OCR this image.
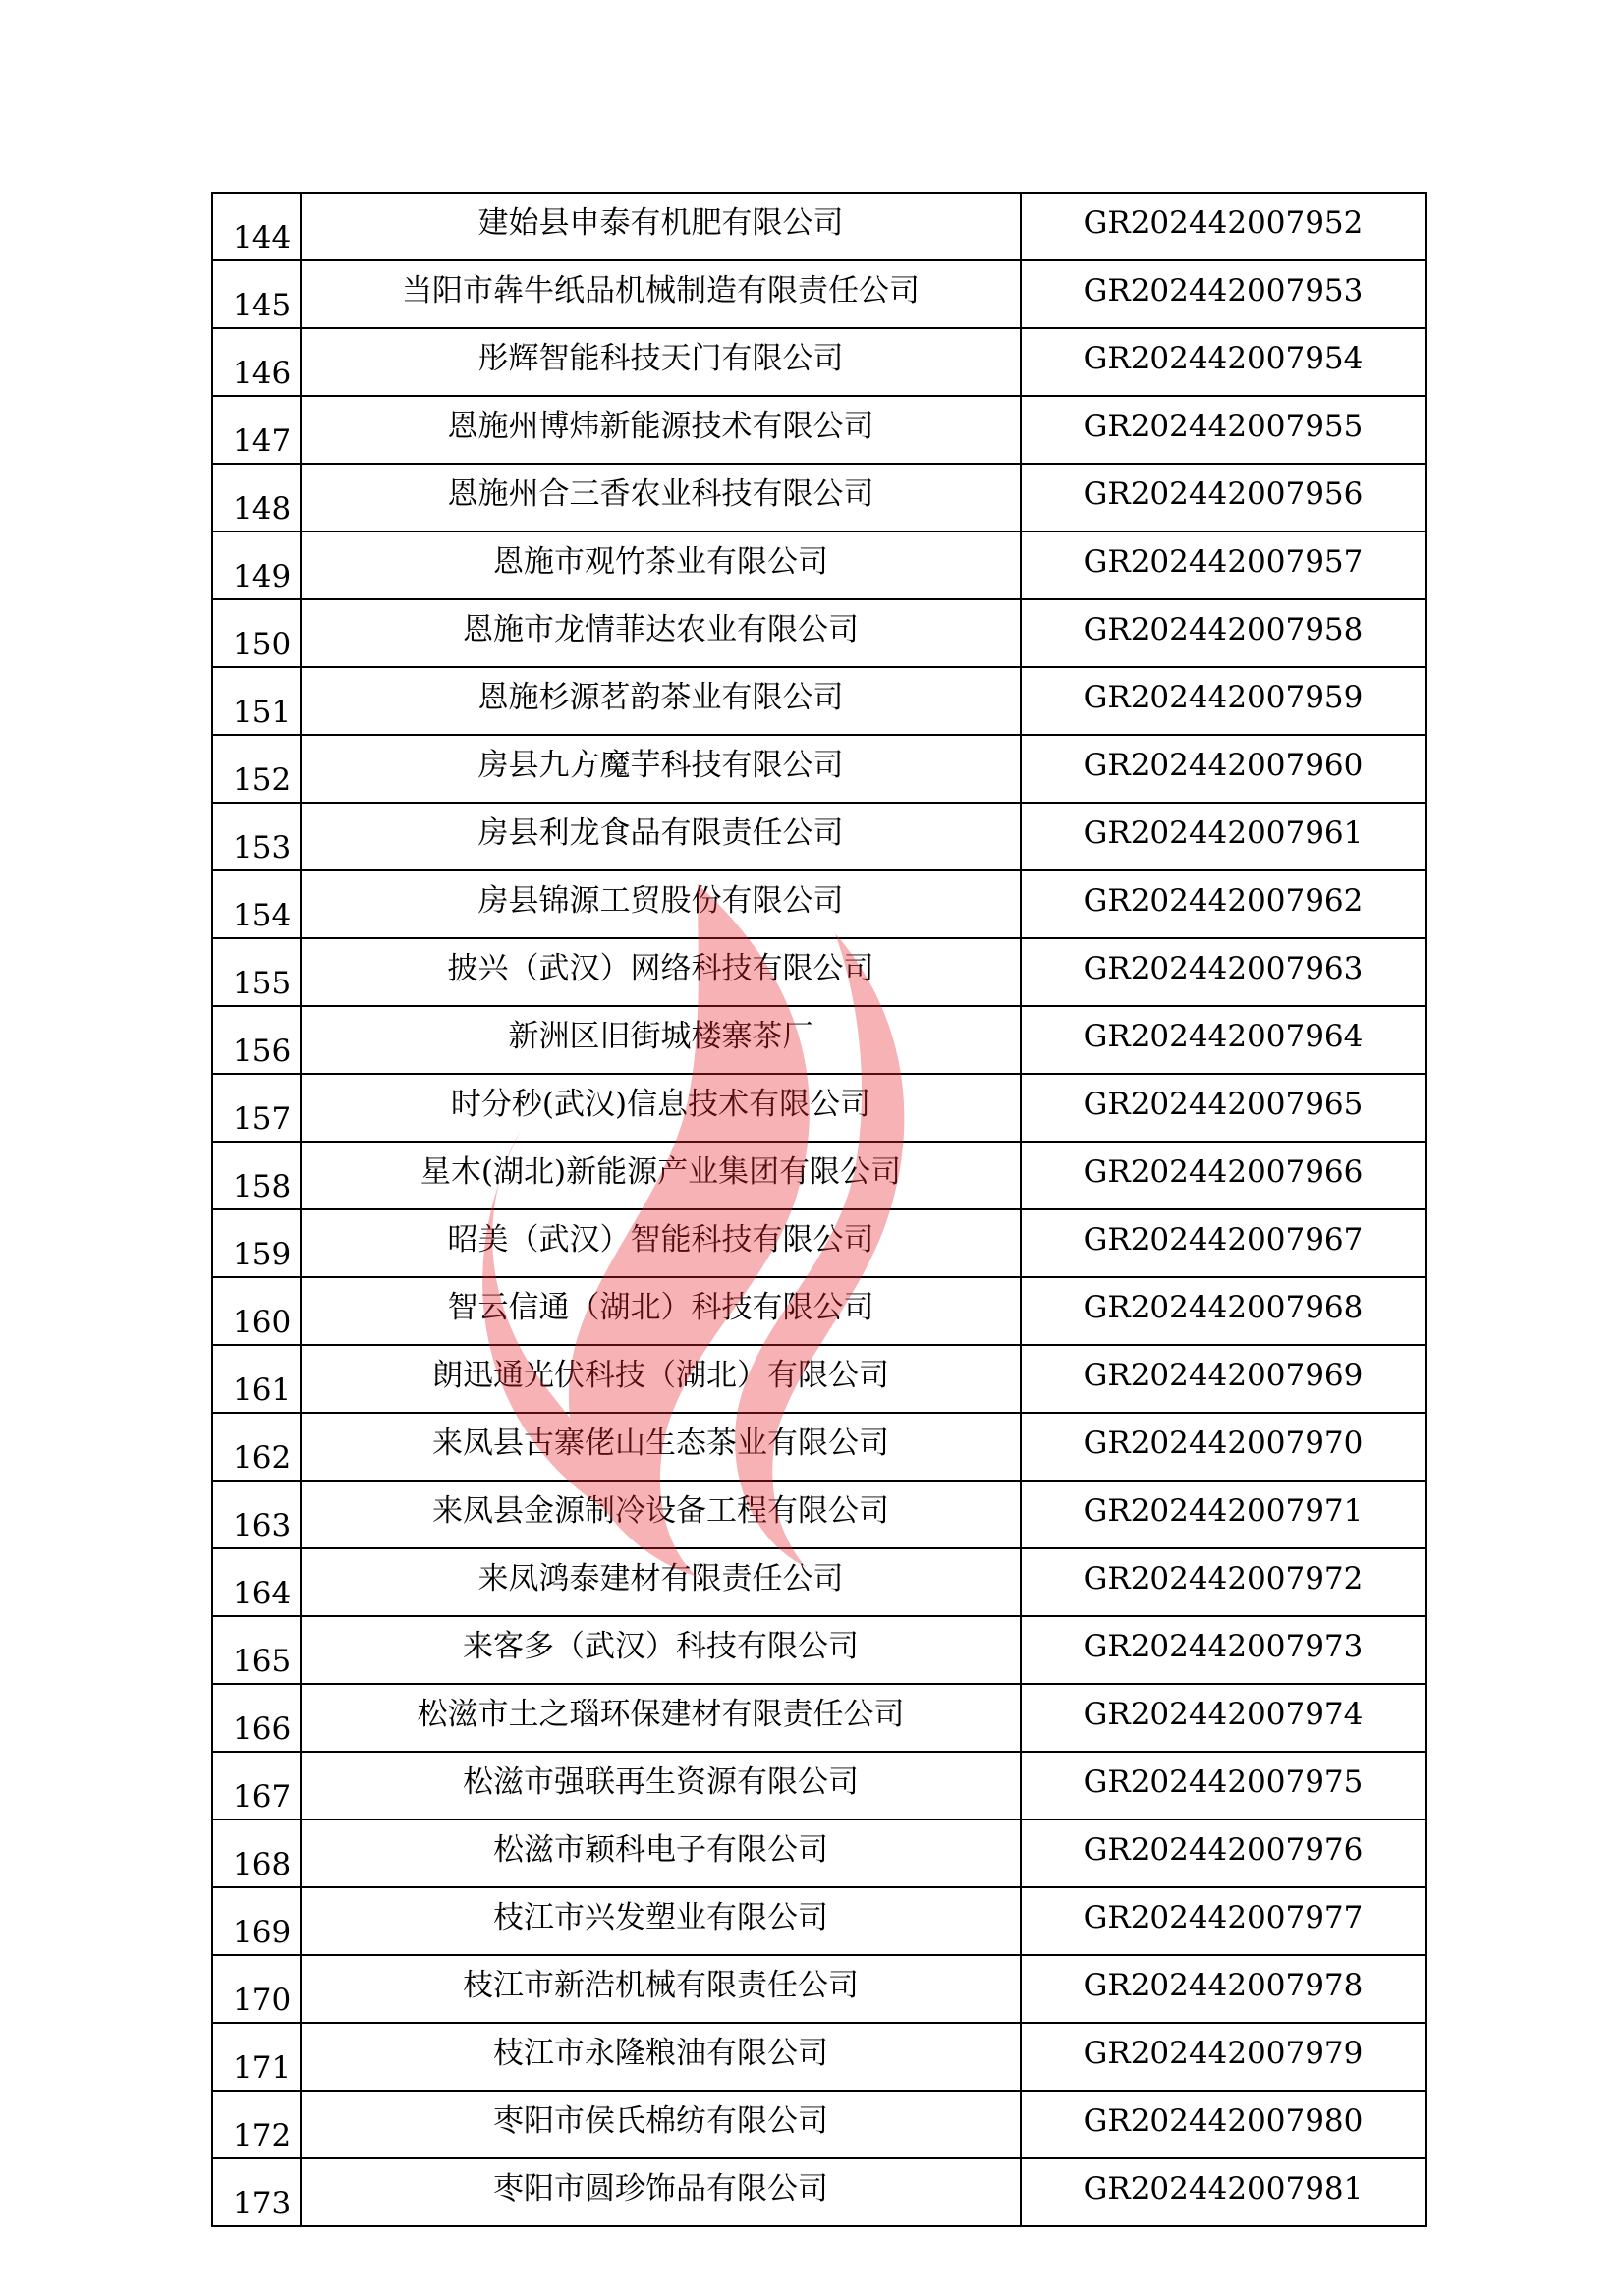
144	建始县申泰有机肥有限公司	GR202442007952
145	当阳市犇牛纸品机械制造有限责任公司	GR202442007953
146	彤辉智能科技天门有限公司	GR202442007954
147	恩施州博炜新能源技术有限公司	GR202442007955
148	恩施州合三香农业科技有限公司	GR202442007956
149	恩施市观竹茶业有限公司	GR202442007957
150	恩施市龙情菲达农业有限公司	GR202442007958
151	恩施杉源茗韵茶业有限公司	GR202442007959
152	房县九方魔芋科技有限公司	GR202442007960
153	房县利龙食品有限责任公司	GR202442007961
154	房县锦源工贸股份有限公司	GR202442007962
155	披兴（武汉）网络科技有限公司	GR202442007963
156	新洲区旧街城楼寨茶厂	GR202442007964
157	时分秒(武汉)信息技术有限公司	GR202442007965
158	星木(湖北)新能源产业集团有限公司	GR202442007966
159	昭美（武汉）智能科技有限公司	GR202442007967
160	智云信通（湖北）科技有限公司	GR202442007968
161	朗迅通光伏科技（湖北）有限公司	GR202442007969
162	来凤县古寨佬山生态茶业有限公司	GR202442007970
163	来凤县金源制冷设备工程有限公司	GR202442007971
164	来凤鸿泰建材有限责任公司	GR202442007972
165	来客多（武汉）科技有限公司	GR202442007973
166	松滋市土之瑙环保建材有限责任公司	GR202442007974
167	松滋市强联再生资源有限公司	GR202442007975
168	松滋市颖科电子有限公司	GR202442007976
169	枝江市兴发塑业有限公司	GR202442007977
170	枝江市新浩机械有限责任公司	GR202442007978
171	枝江市永隆粮油有限公司	GR202442007979
172	枣阳市侯氏棉纺有限公司	GR202442007980
173	枣阳市圆珍饰品有限公司	GR202442007981
